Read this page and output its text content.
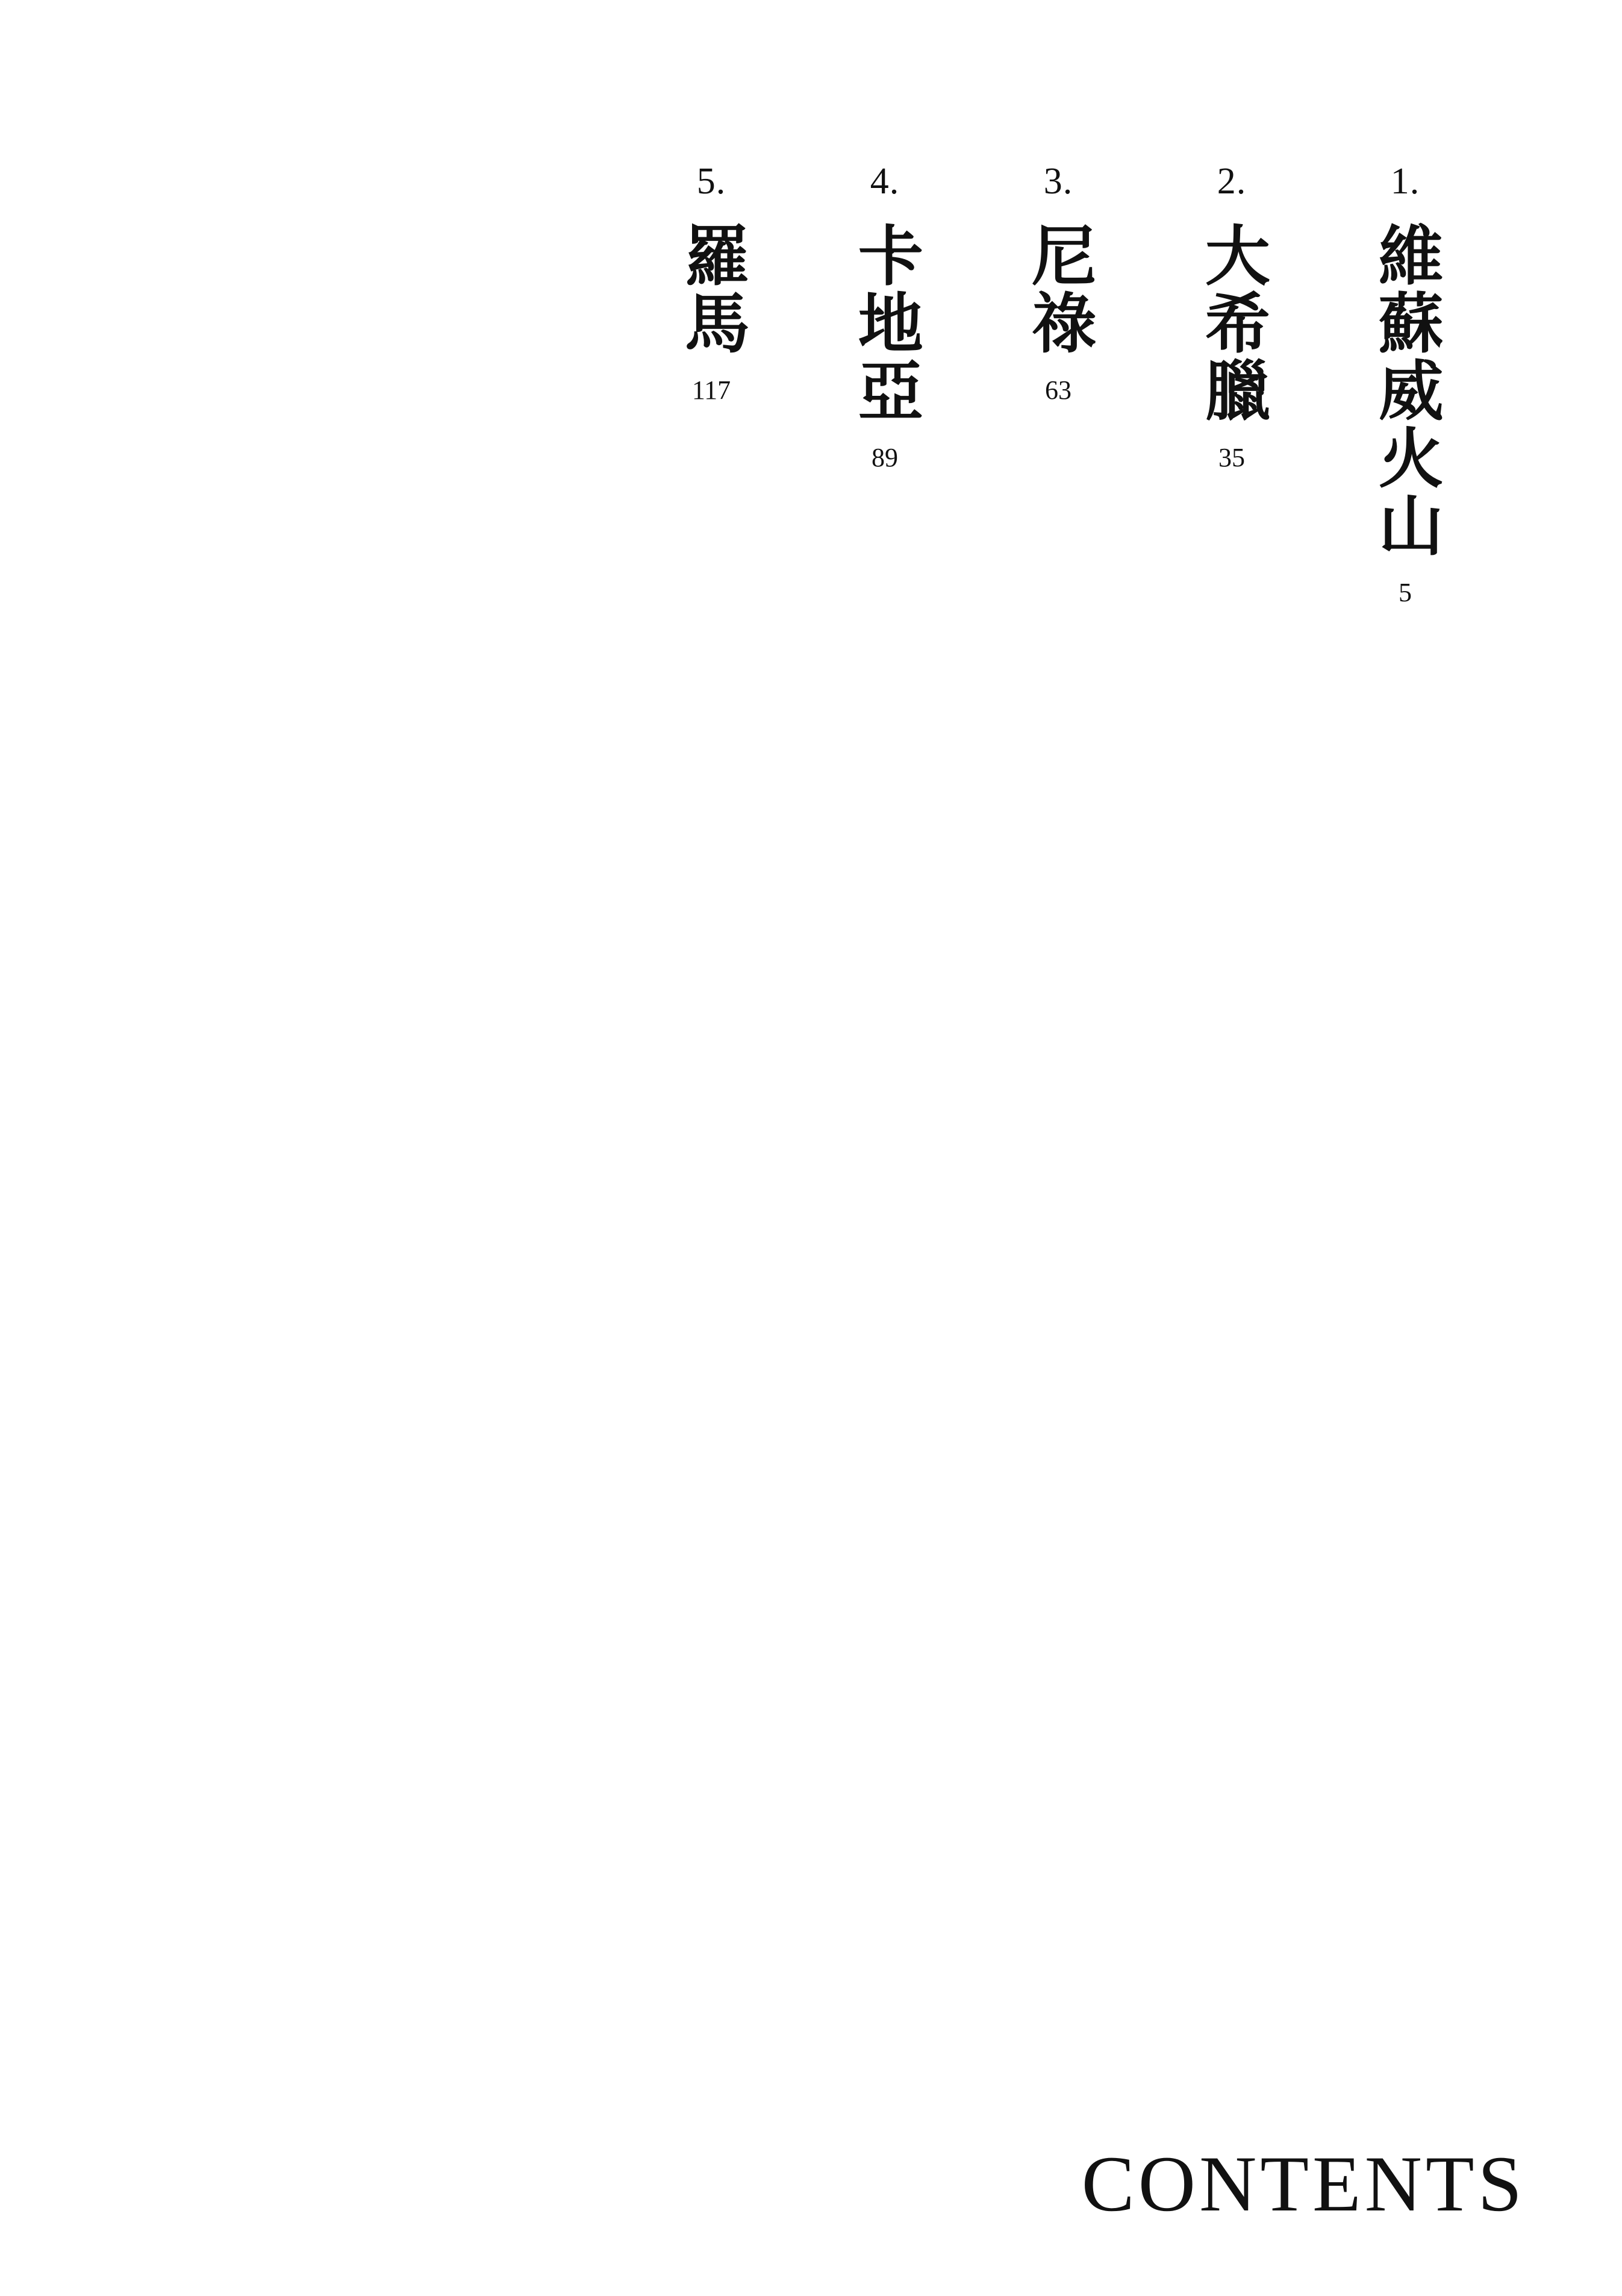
1.
維蘇威火山
5
2.
大希臘
35
3.
尼祿
63
4.
卡地亞
89
5.
羅馬
117
CONTENTS
